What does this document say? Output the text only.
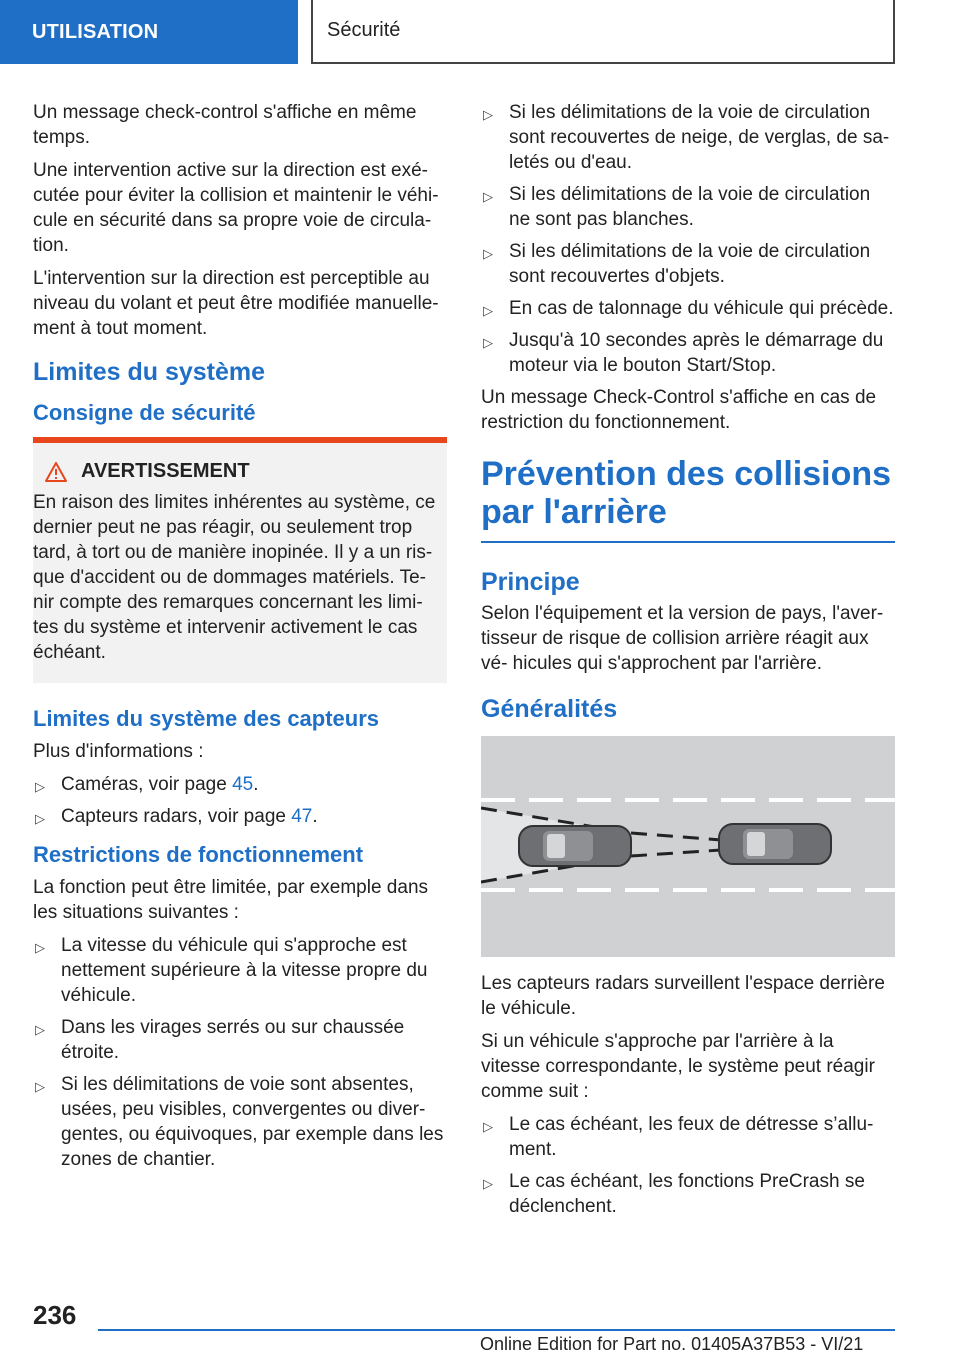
UTILISATION	Sécurité

Un message check-control s'affiche en même temps.

Une intervention active sur la direction est exé- cutée pour éviter la collision et maintenir le véhi- cule en sécurité dans sa propre voie de circula- tion.

L'intervention sur la direction est perceptible au niveau du volant et peut être modifiée manuelle- ment à tout moment.

Limites du système
Consigne de sécurité
AVERTISSEMENT
En raison des limites inhérentes au système, ce dernier peut ne pas réagir, ou seulement trop tard, à tort ou de manière inopinée. Il y a un ris- que d'accident ou de dommages matériels. Te- nir compte des remarques concernant les limi- tes du système et intervenir activement le cas échéant.
Limites du système des capteurs

Plus d'informations :

▷ Caméras, voir page 45.
▷ Capteurs radars, voir page 47.
Restrictions de fonctionnement

La fonction peut être limitée, par exemple dans les situations suivantes :

▷ La vitesse du véhicule qui s'approche est nettement supérieure à la vitesse propre du véhicule.
▷ Dans les virages serrés ou sur chaussée étroite.
▷ Si les délimitations de voie sont absentes, usées, peu visibles, convergentes ou diver- gentes, ou équivoques, par exemple dans les zones de chantier.
▷ Si les délimitations de la voie de circulation sont recouvertes de neige, de verglas, de sa- letés ou d'eau.
▷ Si les délimitations de la voie de circulation ne sont pas blanches.
▷ Si les délimitations de la voie de circulation sont recouvertes d'objets.
▷ En cas de talonnage du véhicule qui précède.
▷ Jusqu'à 10 secondes après le démarrage du moteur via le bouton Start/Stop.

Un message Check-Control s'affiche en cas de restriction du fonctionnement.

Prévention des collisions par l'arrière
Principe

Selon l'équipement et la version de pays, l'aver- tisseur de risque de collision arrière réagit aux vé- hicules qui s'approchent par l'arrière.

Généralités

Les capteurs radars surveillent l'espace derrière le véhicule.

Si un véhicule s'approche par l'arrière à la vitesse correspondante, le système peut réagir comme suit :

▷ Le cas échéant, les feux de détresse s’allu- ment.
▷ Le cas échéant, les fonctions PreCrash se déclenchent.
236
Online Edition for Part no. 01405A37B53 - VI/21
